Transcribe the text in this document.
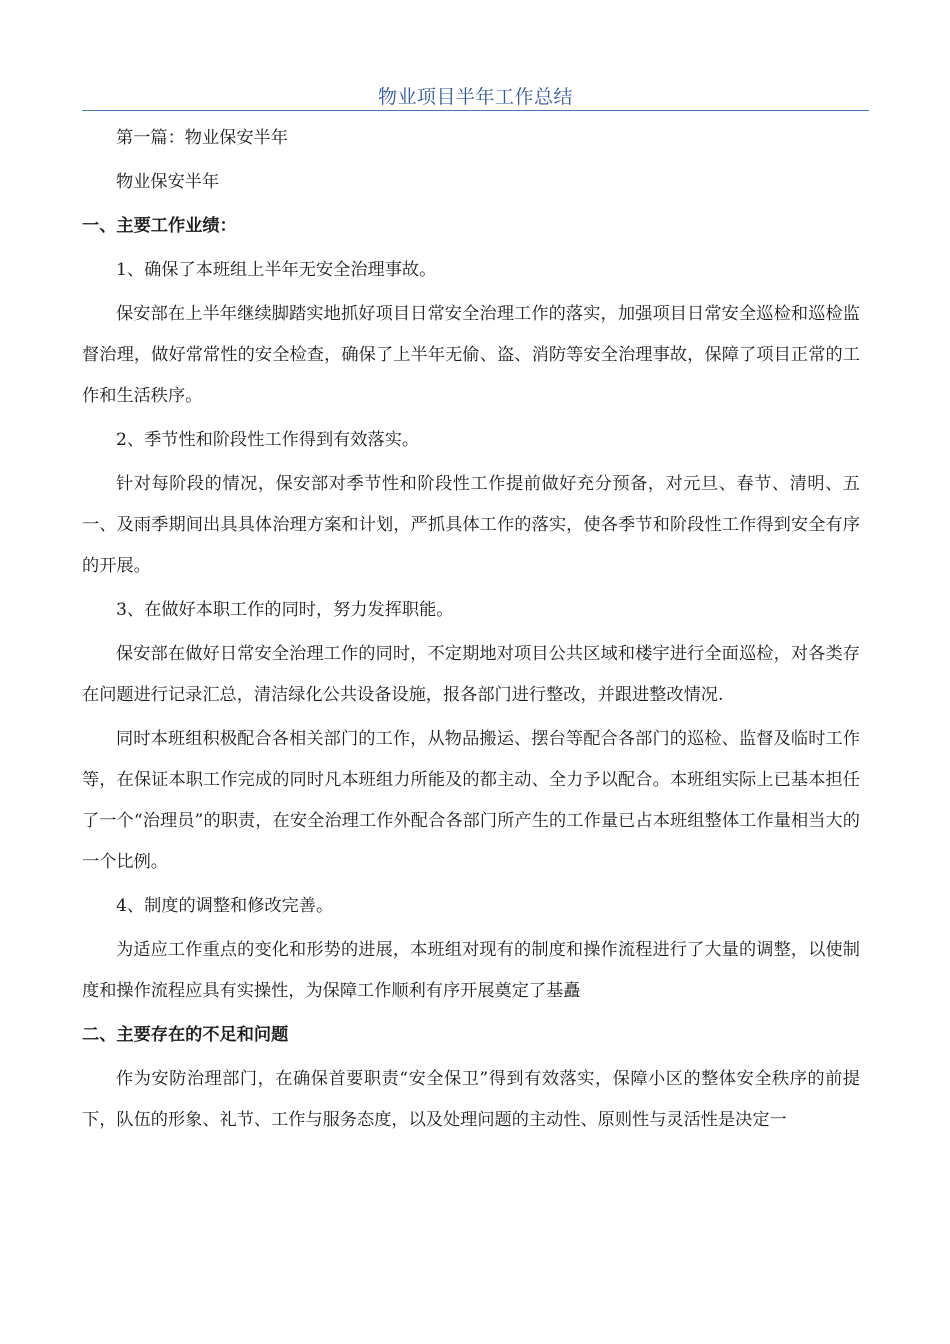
物业项目半年工作总结

第一篇：物业保安半年

物业保安半年

一、主要工作业绩：

1、确保了本班组上半年无安全治理事故。

保安部在上半年继续脚踏实地抓好项目日常安全治理工作的落实，加强项目日常安全巡检和巡检监督治理，做好常常性的安全检查，确保了上半年无偷、盗、消防等安全治理事故，保障了项目正常的工作和生活秩序。

2、季节性和阶段性工作得到有效落实。

针对每阶段的情况，保安部对季节性和阶段性工作提前做好充分预备，对元旦、春节、清明、五一、及雨季期间出具具体治理方案和计划，严抓具体工作的落实，使各季节和阶段性工作得到安全有序的开展。

3、在做好本职工作的同时，努力发挥职能。

保安部在做好日常安全治理工作的同时，不定期地对项目公共区域和楼宇进行全面巡检，对各类存在问题进行记录汇总，清洁绿化公共设备设施，报各部门进行整改，并跟进整改情况.

同时本班组积极配合各相关部门的工作，从物品搬运、摆台等配合各部门的巡检、监督及临时工作等，在保证本职工作完成的同时凡本班组力所能及的都主动、全力予以配合。本班组实际上已基本担任了一个“治理员”的职责，在安全治理工作外配合各部门所产生的工作量已占本班组整体工作量相当大的一个比例。

4、制度的调整和修改完善。

为适应工作重点的变化和形势的进展，本班组对现有的制度和操作流程进行了大量的调整，以使制度和操作流程应具有实操性，为保障工作顺利有序开展奠定了基矗

二、主要存在的不足和问题

作为安防治理部门，在确保首要职责“安全保卫”得到有效落实，保障小区的整体安全秩序的前提下，队伍的形象、礼节、工作与服务态度，以及处理问题的主动性、原则性与灵活性是决定一
